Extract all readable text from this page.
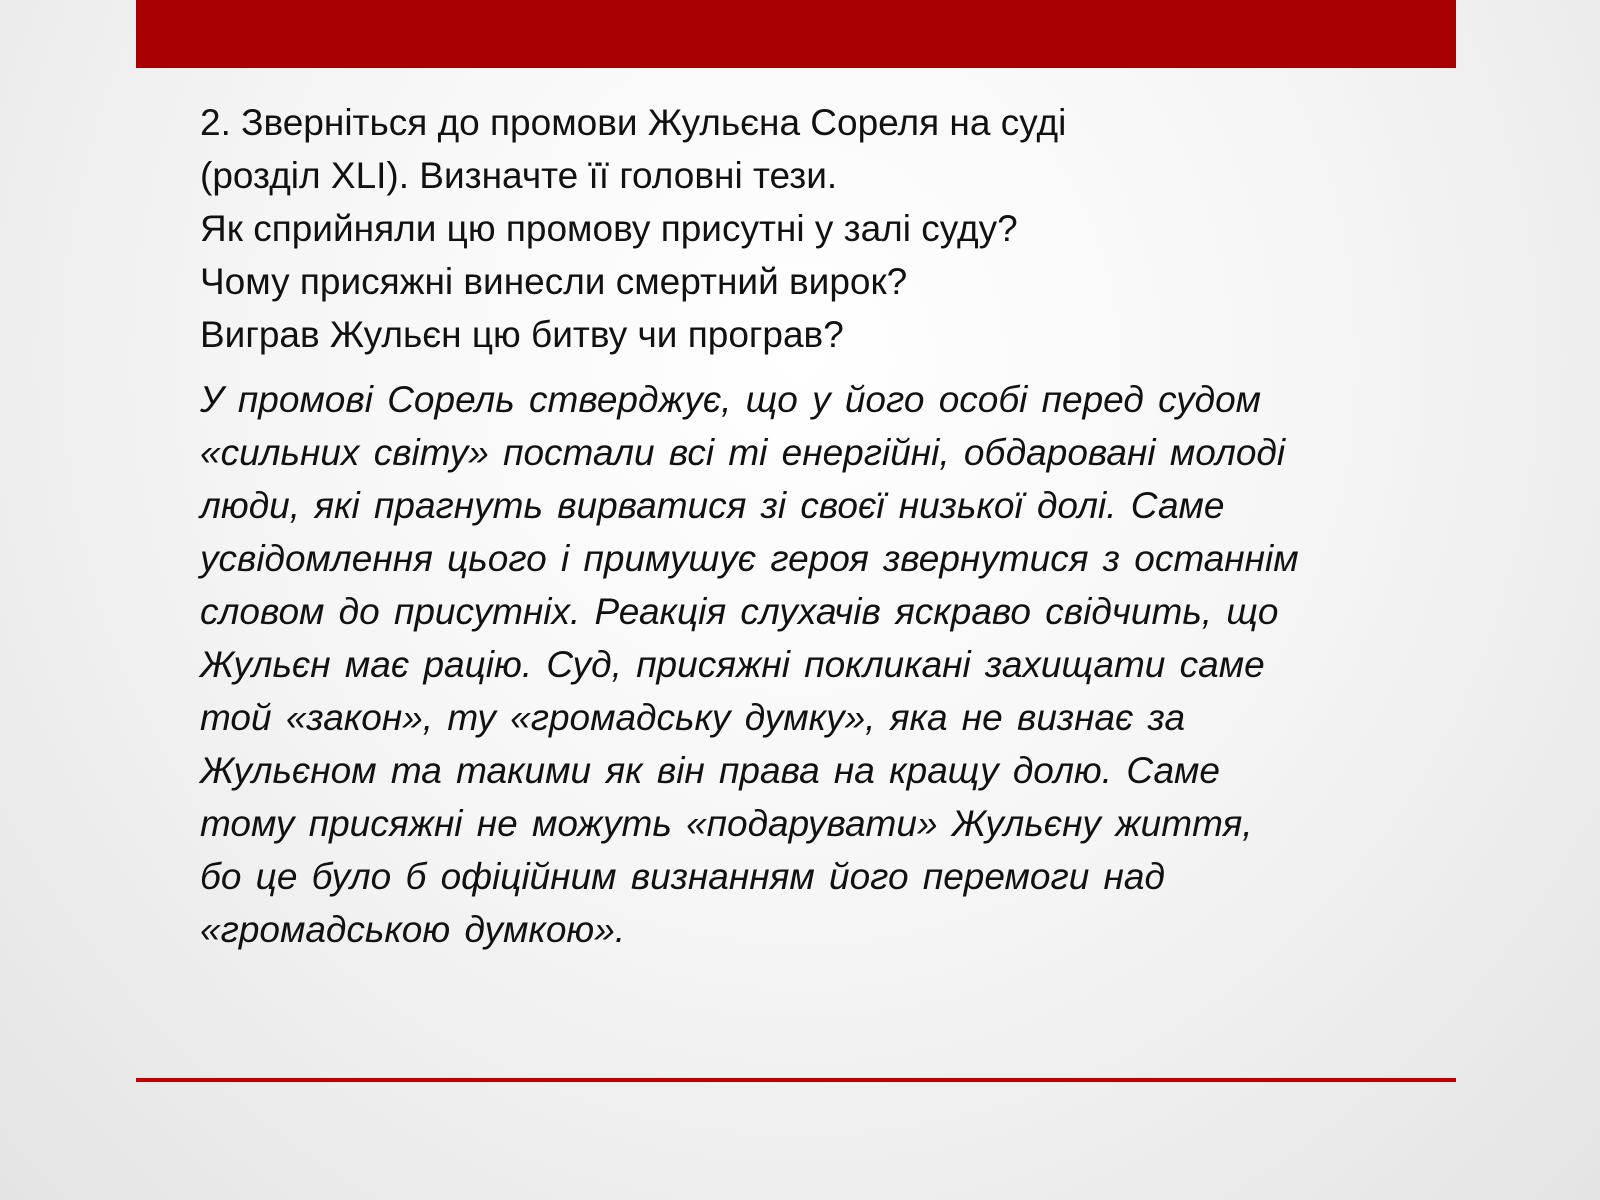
2. Зверніться до промови Жульєна Сореля на суді
(розділ XLI). Визначте її головні тези.
Як сприйняли цю промову присутні у залі суду?
Чому присяжні винесли смертний вирок?
Виграв Жульєн цю битву чи програв?

У промові Сорель стверджує, що у його особі перед судом «сильних світу» постали всі ті енергійні, обдаровані молоді люди, які прагнуть вирватися зі своєї низької долі. Саме усвідомлення цього і примушує героя звернутися з останнім словом до присутніх. Реакція слухачів яскраво свідчить, що Жульєн має рацію. Суд, присяжні покликані захищати саме той «закон», ту «громадську думку», яка не визнає за Жульєном та такими як він права на кращу долю. Саме тому присяжні не можуть «подарувати» Жульєну життя, бо це було б офіційним визнанням його перемоги над «громадською думкою».
